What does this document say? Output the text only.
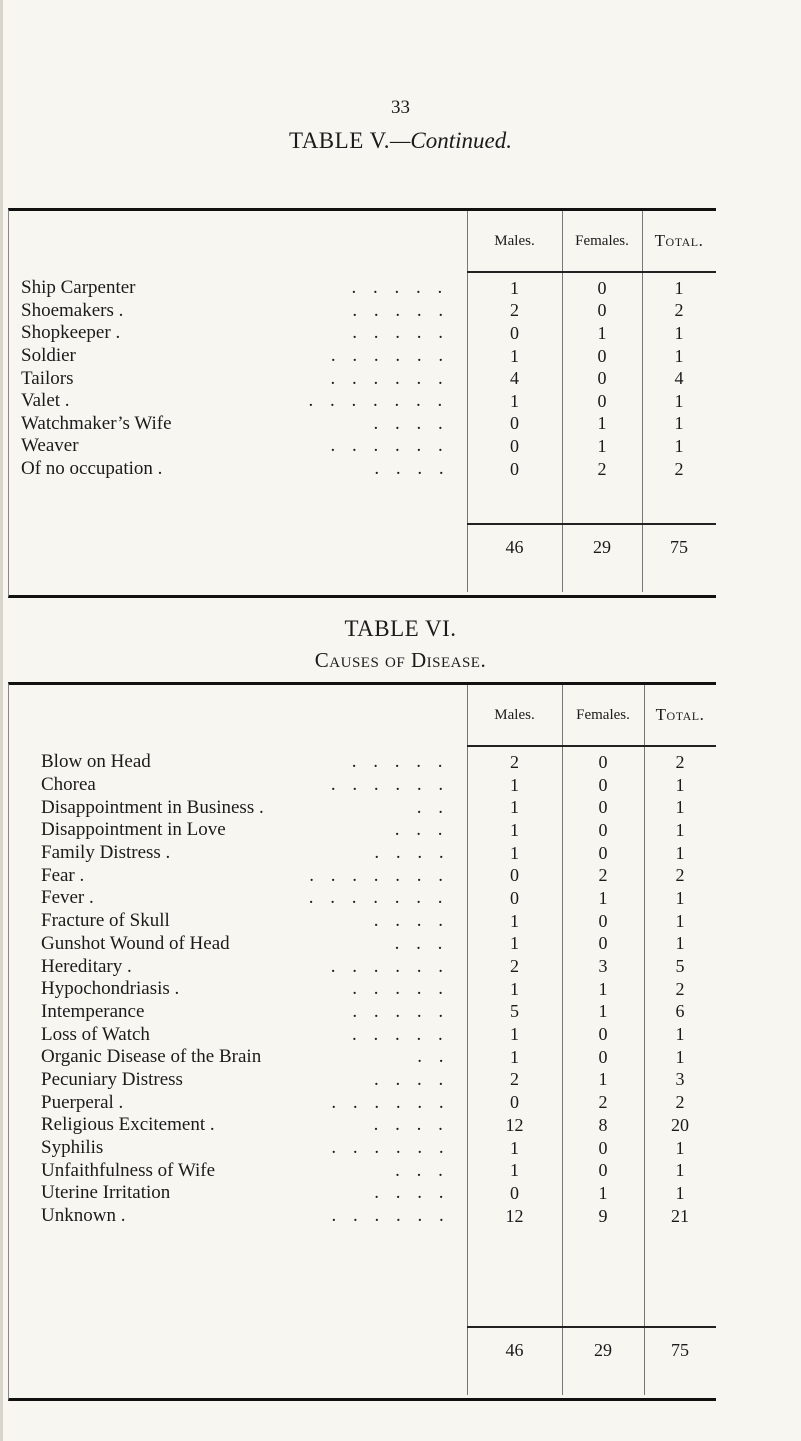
33
TABLE V.—Continued.
Males.	Females.	Total.
Ship Carpenter	. . . . .	1	0	1
Shoemakers .	. . . . .	2	0	2
Shopkeeper .	. . . . .	0	1	1
Soldier	. . . . . .	1	0	1
Tailors	. . . . . .	4	0	4
Valet .	. . . . . . .	1	0	1
Watchmaker’s Wife	. . . .	0	1	1
Weaver	. . . . . .	0	1	1
Of no occupation .	. . . .	0	2	2
46	29	75
TABLE VI.
Causes of Disease.
Males.	Females.	Total.
Blow on Head	. . . . .	2	0	2
Chorea	. . . . . .	1	0	1
Disappointment in Business .	. .	1	0	1
Disappointment in Love	. . .	1	0	1
Family Distress .	. . . .	1	0	1
Fear .	. . . . . . .	0	2	2
Fever .	. . . . . . .	0	1	1
Fracture of Skull	. . . .	1	0	1
Gunshot Wound of Head	. . .	1	0	1
Hereditary .	. . . . . .	2	3	5
Hypochondriasis .	. . . . .	1	1	2
Intemperance	. . . . .	5	1	6
Loss of Watch	. . . . .	1	0	1
Organic Disease of the Brain	. .	1	0	1
Pecuniary Distress	. . . .	2	1	3
Puerperal .	. . . . . .	0	2	2
Religious Excitement .	. . . .	12	8	20
Syphilis	. . . . . .	1	0	1
Unfaithfulness of Wife	. . .	1	0	1
Uterine Irritation	. . . .	0	1	1
Unknown .	. . . . . .	12	9	21
46	29	75
